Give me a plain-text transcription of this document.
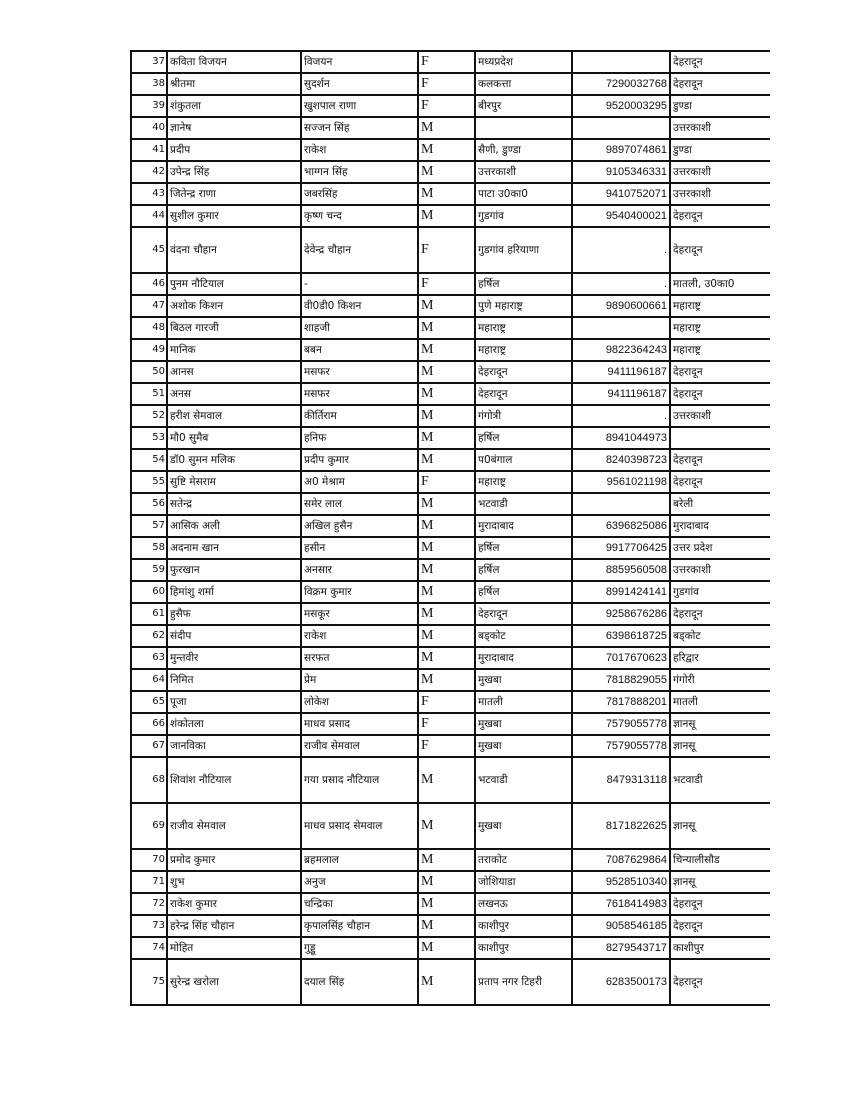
37	कविता विजयन	विजयन	F	मध्यप्रदेश		देहरादून
38	श्रीतमा	सुदर्शन	F	कलकत्ता	7290032768	देहरादून
39	शंकुतला	खुशपाल राणा	F	बीरपुर	9520003295	डुण्डा
40	ज्ञानेष	सज्जन सिंह	M			उत्तरकाशी
41	प्रदीप	राकेश	M	सैणी, डुण्डा	9897074861	डुण्डा
42	उपेन्द्र सिंह	भाग्गन सिंह	M	उत्तरकाशी	9105346331	उत्तरकाशी
43	जितेन्द्र राणा	जबरसिंह	M	पाटा उ0का0	9410752071	उत्तरकाशी
44	सुशील कुमार	कृष्ण चन्द	M	गुडगांव	9540400021	देहरादून
45	वंदना चौहान	देवेन्द्र चौहान	F	गुडगांव हरियाणा	.	देहरादून
46	पुनम नौटियाल	-	F	हर्षिल	.	मातली, उ0का0
47	अशोक किशन	वी0डी0 किशन	M	पुणे महाराष्ट्र	9890600661	महाराष्ट्र
48	बिठल गारजी	शाहजी	M	महाराष्ट्र		महाराष्ट्र
49	मानिक	बबन	M	महाराष्ट्र	9822364243	महाराष्ट्र
50	आनस	मसफर	M	देहरादून	9411196187	देहरादून
51	अनस	मसफर	M	देहरादून	9411196187	देहरादून
52	हरीश सेमवाल	कीर्तिराम	M	गंगोत्री	.	उत्तरकाशी
53	मौ0 सुमैब	हनिफ	M	हर्षिल	8941044973	
54	डॉ0 सुमन मलिक	प्रदीप कुमार	M	प0बंगाल	8240398723	देहरादून
55	सुष्टि मेसराम	अ0 मेश्राम	F	महाराष्ट्र	9561021198	देहरादून
56	सतेन्द्र	समेर लाल	M	भटवाडी		बरेली
57	आसिक अली	अखिल हुसैन	M	मुरादाबाद	6396825086	मुरादाबाद
58	अदनाम खान	हसीन	M	हर्षिल	9917706425	उत्तर प्रदेश
59	फुरखान	अनसार	M	हर्षिल	8859560508	उत्तरकाशी
60	हिमांशु शर्मा	विक्रम कुमार	M	हर्षिल	8991424141	गुडगांव
61	हुसैफ	मसकूर	M	देहरादून	9258676286	देहरादून
62	संदीप	राकेश	M	बड्कोट	6398618725	बड्कोट
63	मुन्तवीर	सरफत	M	मुरादाबाद	7017670623	हरिद्वार
64	निमित	प्रेम	M	मुखबा	7818829055	गंगोरी
65	पूजा	लोकेश	F	मातली	7817888201	मातली
66	शंकोतला	माधव प्रसाद	F	मुखबा	7579055778	ज्ञानसू
67	जानविका	राजीव सेमवाल	F	मुखबा	7579055778	ज्ञानसू
68	शिवांश नौटियाल	गया प्रसाद नौटियाल	M	भटवाडी	8479313118	भटवाडी
69	राजीव सेमवाल	माधव प्रसाद सेमवाल	M	मुखबा	8171822625	ज्ञानसू
70	प्रमोद कुमार	ब्रहमलाल	M	तराकोट	7087629864	चिन्यालीसौड
71	शुभ	अनुज	M	जोशियाडा	9528510340	ज्ञानसू
72	राकेश कुमार	चन्द्रिका	M	लखनऊ	7618414983	देहरादून
73	हरेन्द्र सिंह चौहान	कृपालसिंह चौहान	M	काशीपुर	9058546185	देहरादून
74	मोहित	गुड्डू	M	काशीपुर	8279543717	काशीपुर
75	सुरेन्द्र खरोला	दयाल सिंह	M	प्रताप नगर टिहरी	6283500173	देहरादून
